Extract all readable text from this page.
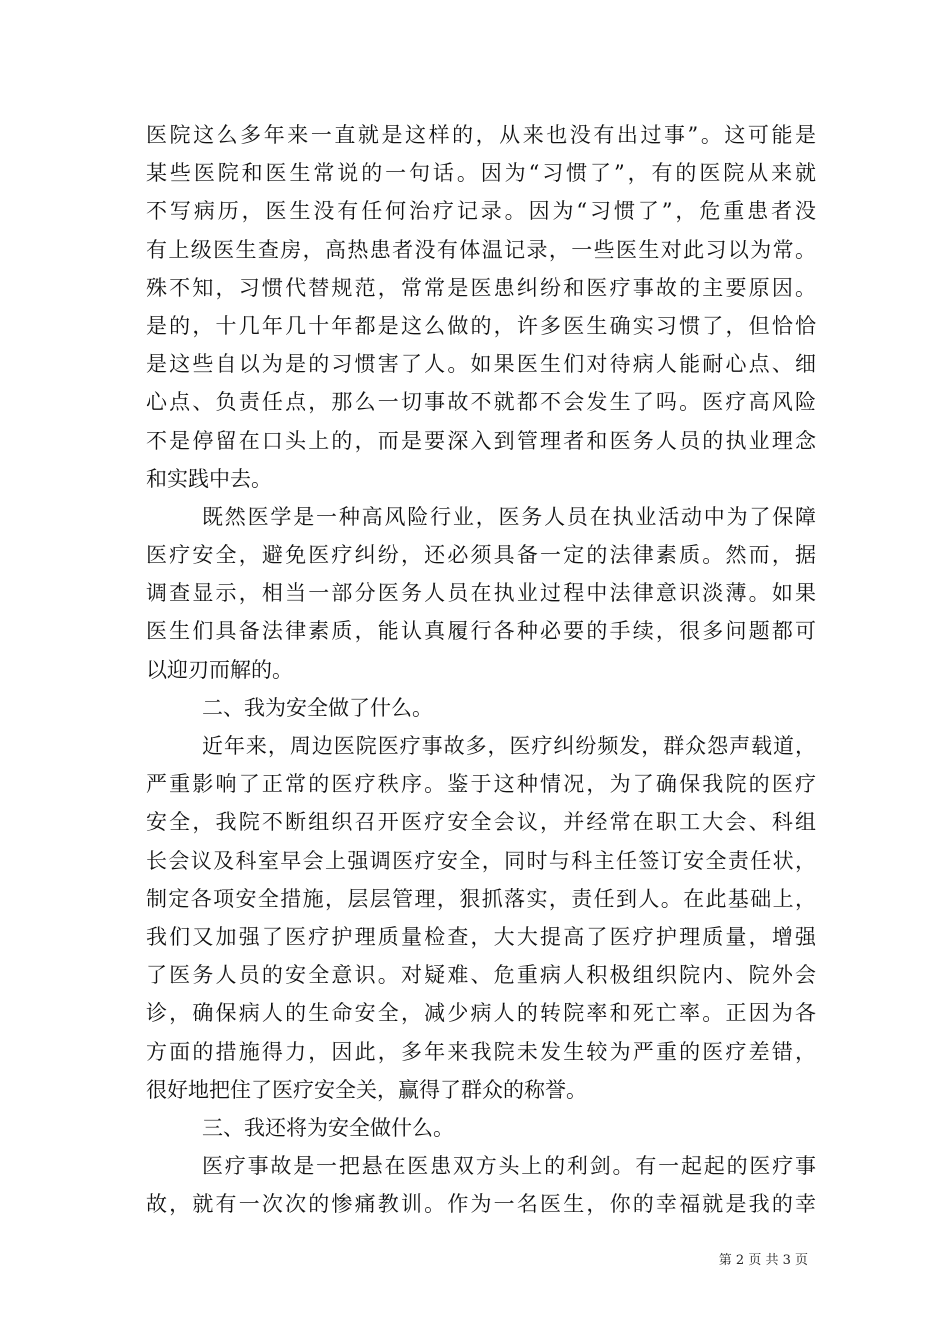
医院这么多年来一直就是这样的，从来也没有出过事”。这可能是
某些医院和医生常说的一句话。因为“习惯了”，有的医院从来就
不写病历，医生没有任何治疗记录。因为“习惯了”，危重患者没
有上级医生查房，高热患者没有体温记录，一些医生对此习以为常。
殊不知，习惯代替规范，常常是医患纠纷和医疗事故的主要原因。
是的，十几年几十年都是这么做的，许多医生确实习惯了，但恰恰
是这些自以为是的习惯害了人。如果医生们对待病人能耐心点、细
心点、负责任点，那么一切事故不就都不会发生了吗。医疗高风险
不是停留在口头上的，而是要深入到管理者和医务人员的执业理念
和实践中去。
既然医学是一种高风险行业，医务人员在执业活动中为了保障
医疗安全，避免医疗纠纷，还必须具备一定的法律素质。然而，据
调查显示，相当一部分医务人员在执业过程中法律意识淡薄。如果
医生们具备法律素质，能认真履行各种必要的手续，很多问题都可
以迎刃而解的。
二、我为安全做了什么。
近年来，周边医院医疗事故多，医疗纠纷频发，群众怨声载道，
严重影响了正常的医疗秩序。鉴于这种情况，为了确保我院的医疗
安全，我院不断组织召开医疗安全会议，并经常在职工大会、科组
长会议及科室早会上强调医疗安全，同时与科主任签订安全责任状，
制定各项安全措施，层层管理，狠抓落实，责任到人。在此基础上，
我们又加强了医疗护理质量检查，大大提高了医疗护理质量，增强
了医务人员的安全意识。对疑难、危重病人积极组织院内、院外会
诊，确保病人的生命安全，减少病人的转院率和死亡率。正因为各
方面的措施得力，因此，多年来我院未发生较为严重的医疗差错，
很好地把住了医疗安全关，赢得了群众的称誉。
三、我还将为安全做什么。
医疗事故是一把悬在医患双方头上的利剑。有一起起的医疗事
故，就有一次次的惨痛教训。作为一名医生，你的幸福就是我的幸
第 2 页 共 3 页
